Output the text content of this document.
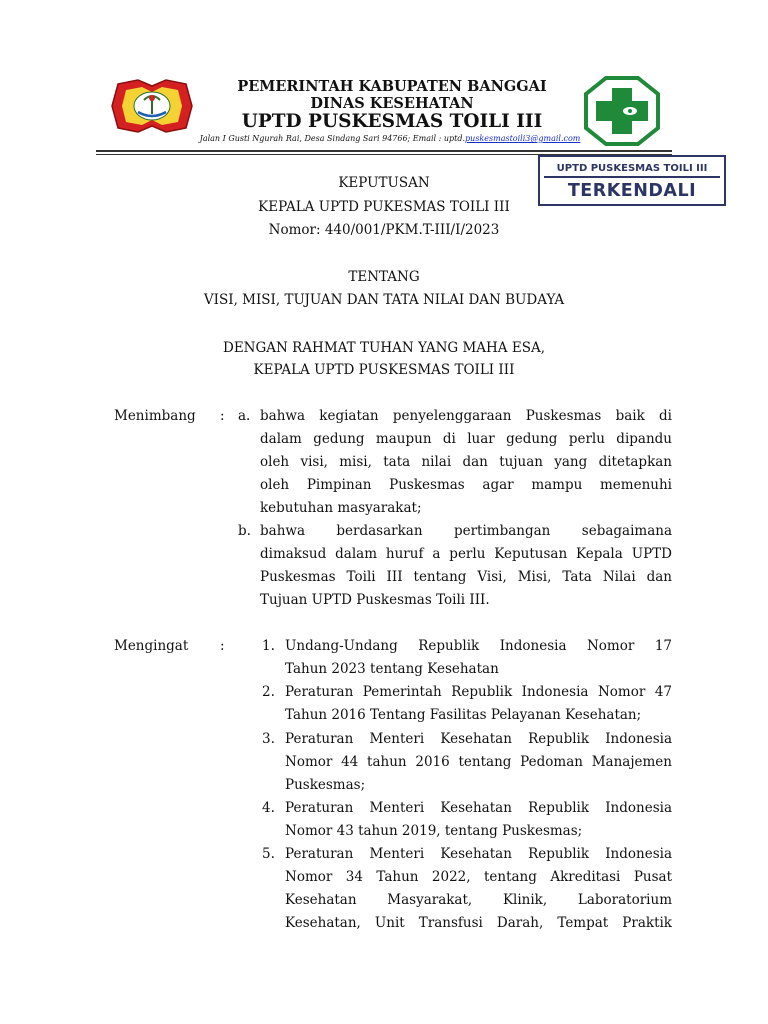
PEMERINTAH KABUPATEN BANGGAI
DINAS KESEHATAN
UPTD PUSKESMAS TOILI III
Jalan I Gusti Ngurah Rai, Desa Sindang Sari 94766; Email : uptd.puskesmastoili3@gmail.com
UPTD PUSKESMAS TOILI III
TERKENDALI
KEPUTUSAN
KEPALA UPTD PUKESMAS TOILI III
Nomor: 440/001/PKM.T-III/I/2023
TENTANG
VISI, MISI, TUJUAN DAN TATA NILAI DAN BUDAYA
DENGAN RAHMAT TUHAN YANG MAHA ESA,
KEPALA UPTD PUSKESMAS TOILI III
Menimbang : a. bahwa kegiatan penyelenggaraan Puskesmas baik di
dalam gedung maupun di luar gedung perlu dipandu
oleh visi, misi, tata nilai dan tujuan yang ditetapkan
oleh Pimpinan Puskesmas agar mampu memenuhi
kebutuhan masyarakat;
b. bahwa berdasarkan pertimbangan sebagaimana
dimaksud dalam huruf a perlu Keputusan Kepala UPTD
Puskesmas Toili III tentang Visi, Misi, Tata Nilai dan
Tujuan UPTD Puskesmas Toili III.
Mengingat :	1. Undang-Undang Republik Indonesia Nomor 17
Tahun 2023 tentang Kesehatan
2. Peraturan Pemerintah Republik Indonesia Nomor 47
Tahun 2016 Tentang Fasilitas Pelayanan Kesehatan;
3. Peraturan Menteri Kesehatan Republik Indonesia
Nomor 44 tahun 2016 tentang Pedoman Manajemen
Puskesmas;
4. Peraturan Menteri Kesehatan Republik Indonesia
Nomor 43 tahun 2019, tentang Puskesmas;
5. Peraturan Menteri Kesehatan Republik Indonesia
Nomor 34 Tahun 2022, tentang Akreditasi Pusat
Kesehatan Masyarakat, Klinik, Laboratorium
Kesehatan, Unit Transfusi Darah, Tempat Praktik
